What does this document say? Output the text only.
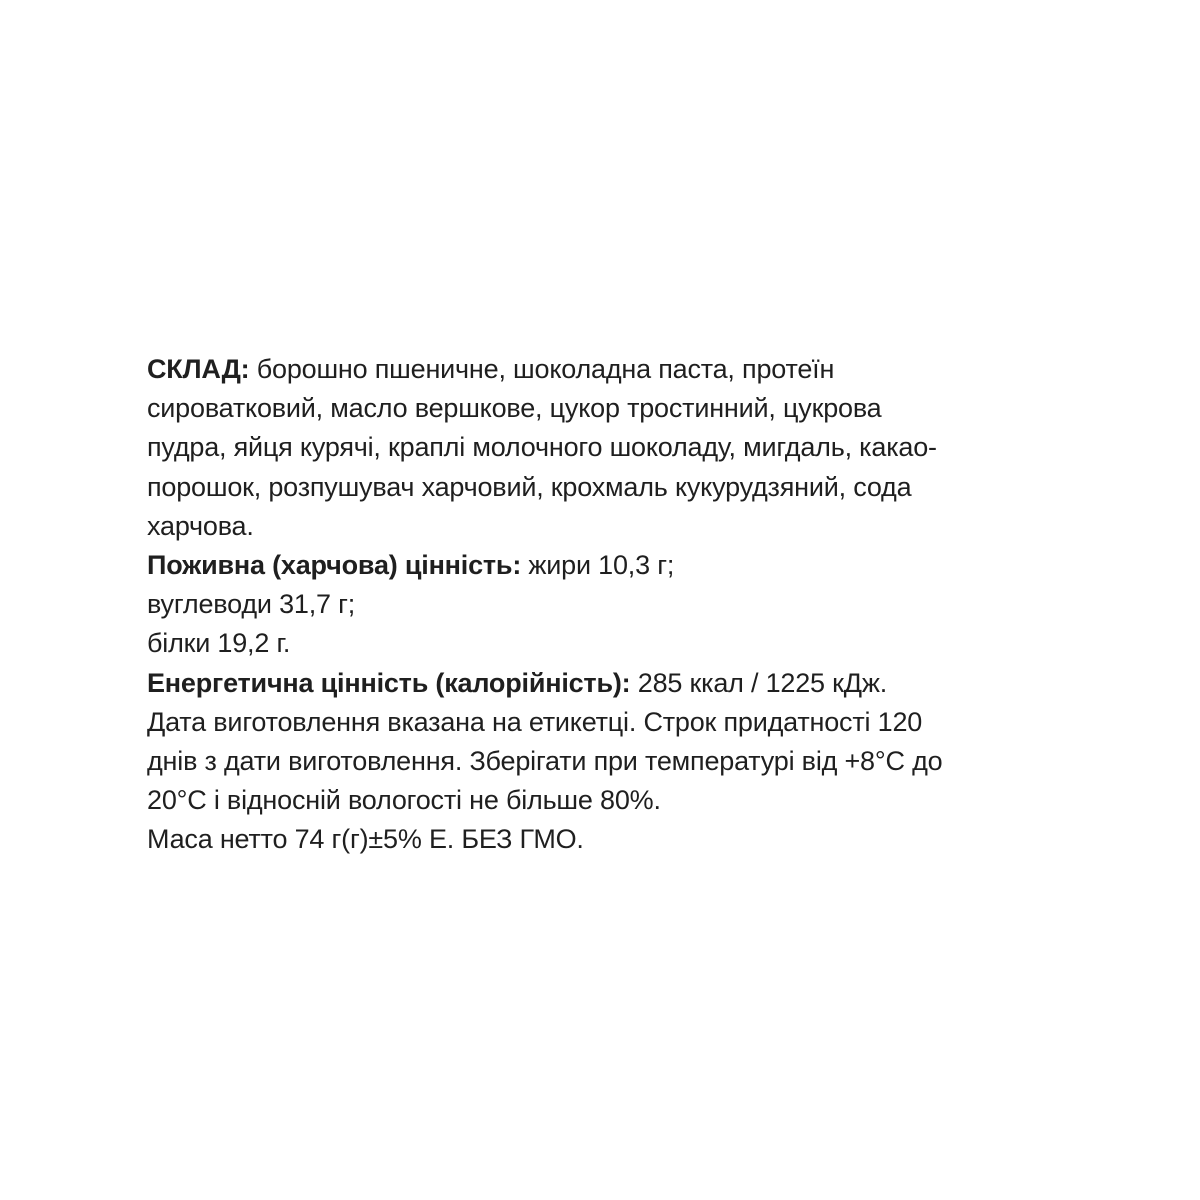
СКЛАД: борошно пшеничне, шоколадна паста, протеїн

сироватковий, масло вершкове, цукор тростинний, цукрова

пудра, яйця курячі, краплі молочного шоколаду, мигдаль, какао-

порошок, розпушувач харчовий, крохмаль кукурудзяний, сода

харчова.

Поживна (харчова) цінність: жири 10,3 г;

вуглеводи 31,7 г;

білки 19,2 г.

Енергетична цінність (калорійність): 285 ккал / 1225 кДж.

Дата виготовлення вказана на етикетці. Строк придатності 120

днів з дати виготовлення. Зберігати при температурі від +8°С до

20°С і відносній вологості не більше 80%.

Маса нетто 74 г(г)±5% Е. БЕЗ ГМО.
